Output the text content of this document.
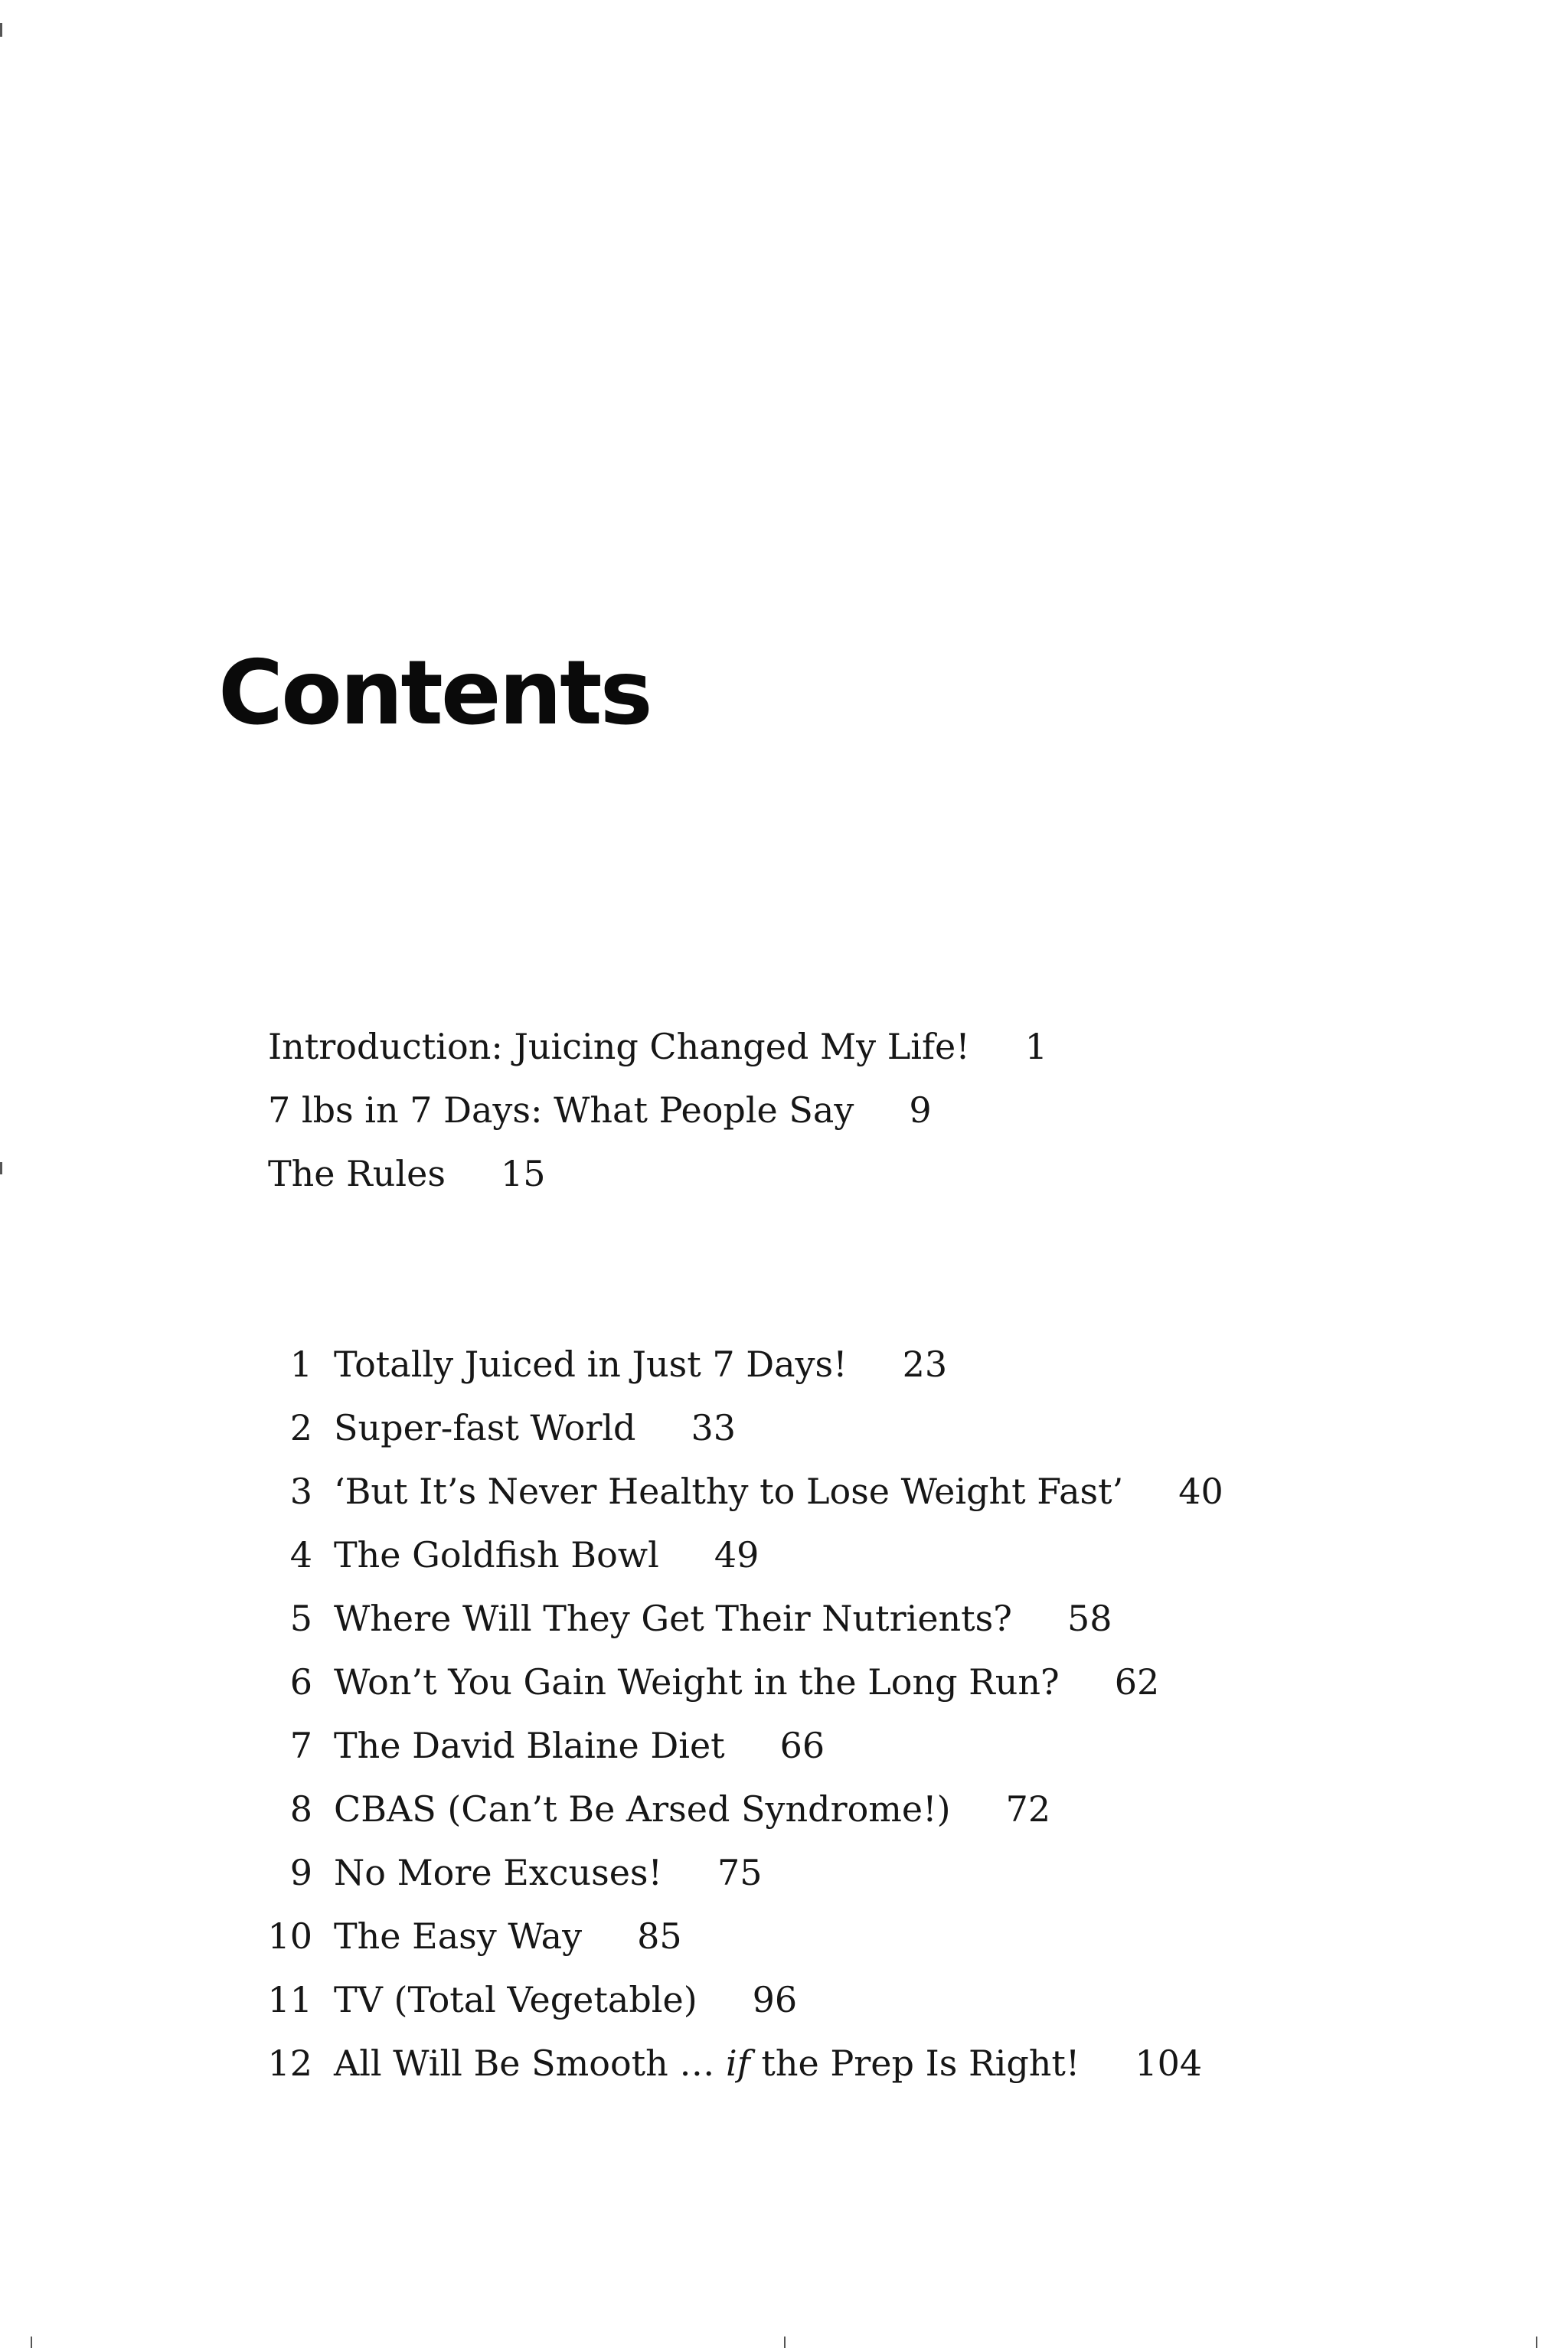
Contents
Introduction: Juicing Changed My Life! 1
7 lbs in 7 Days: What People Say 9
The Rules 15
1 Totally Juiced in Just 7 Days! 23
2 Super-fast World 33
3 ‘But It’s Never Healthy to Lose Weight Fast’ 40
4 The Goldfish Bowl 49
5 Where Will They Get Their Nutrients? 58
6 Won’t You Gain Weight in the Long Run? 62
7 The David Blaine Diet 66
8 CBAS (Can’t Be Arsed Syndrome!) 72
9 No More Excuses! 75
10 The Easy Way 85
11 TV (Total Vegetable) 96
12 All Will Be Smooth … if the Prep Is Right! 104
